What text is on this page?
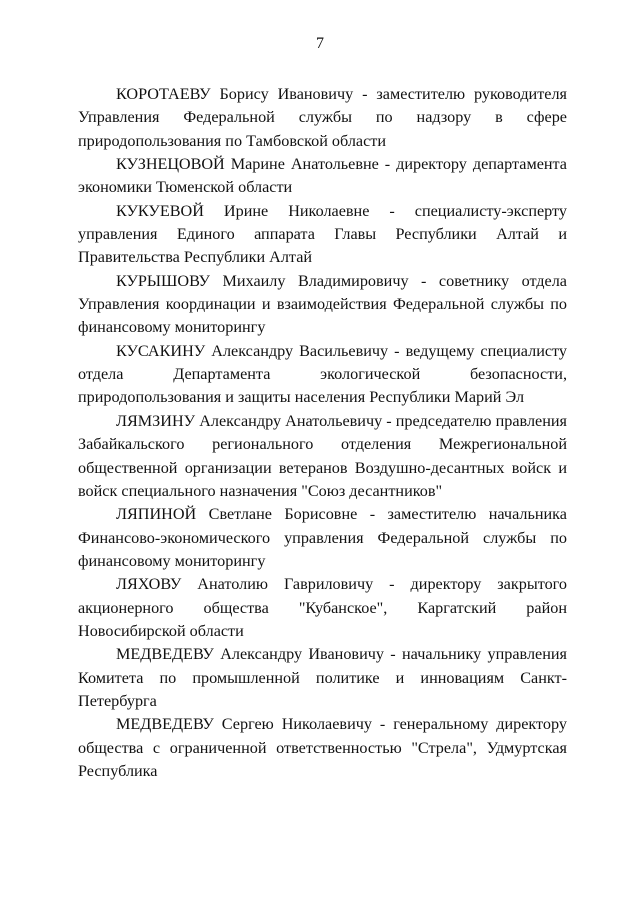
7

КОРОТАЕВУ Борису Ивановичу - заместителю руководителя Управления Федеральной службы по надзору в сфере природопользования по Тамбовской области

КУЗНЕЦОВОЙ Марине Анатольевне - директору департамента экономики Тюменской области

КУКУЕВОЙ Ирине Николаевне - специалисту-эксперту управления Единого аппарата Главы Республики Алтай и Правительства Республики Алтай

КУРЫШОВУ Михаилу Владимировичу - советнику отдела Управления координации и взаимодействия Федеральной службы по финансовому мониторингу

КУСАКИНУ Александру Васильевичу - ведущему специалисту отдела Департамента экологической безопасности, природопользования и защиты населения Республики Марий Эл

ЛЯМЗИНУ Александру Анатольевичу - председателю правления Забайкальского регионального отделения Межрегиональной общественной организации ветеранов Воздушно-десантных войск и войск специального назначения "Союз десантников"

ЛЯПИНОЙ Светлане Борисовне - заместителю начальника Финансово-экономического управления Федеральной службы по финансовому мониторингу

ЛЯХОВУ Анатолию Гавриловичу - директору закрытого акционерного общества "Кубанское", Каргатский район Новосибирской области

МЕДВЕДЕВУ Александру Ивановичу - начальнику управления Комитета по промышленной политике и инновациям Санкт-Петербурга

МЕДВЕДЕВУ Сергею Николаевичу - генеральному директору общества с ограниченной ответственностью "Стрела", Удмуртская Республика
